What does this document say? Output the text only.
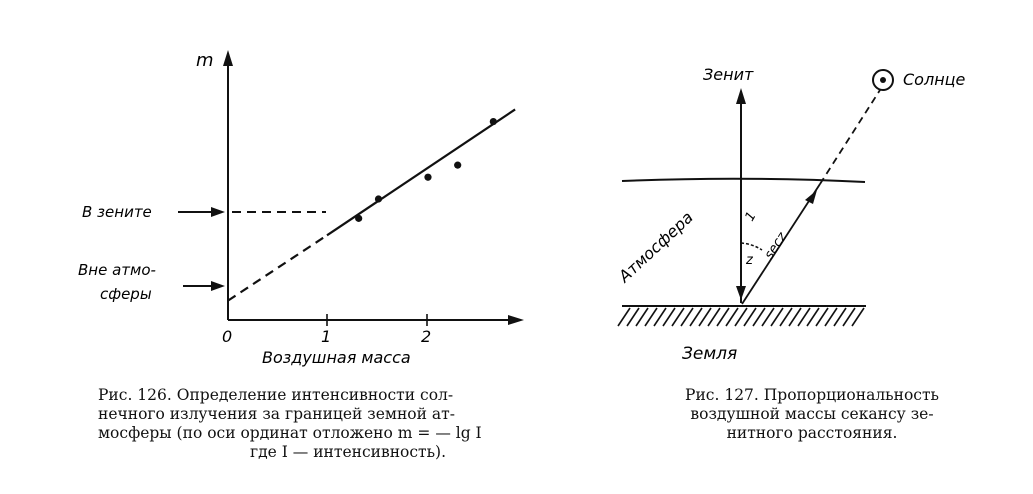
m
В зените
Вне атмо-
сферы
0	1	2
Воздушная масса
Рис. 126. Определение интенсивности сол-
нечного излучения за границей земной ат-
мосферы (по оси ординат отложено m = — lg I
где I — интенсивность).
Зенит	Солнце
Атмосфера	1
z secz
Земля
Рис. 127. Пропорциональность
воздушной массы секансу зе-
нитного расстояния.
